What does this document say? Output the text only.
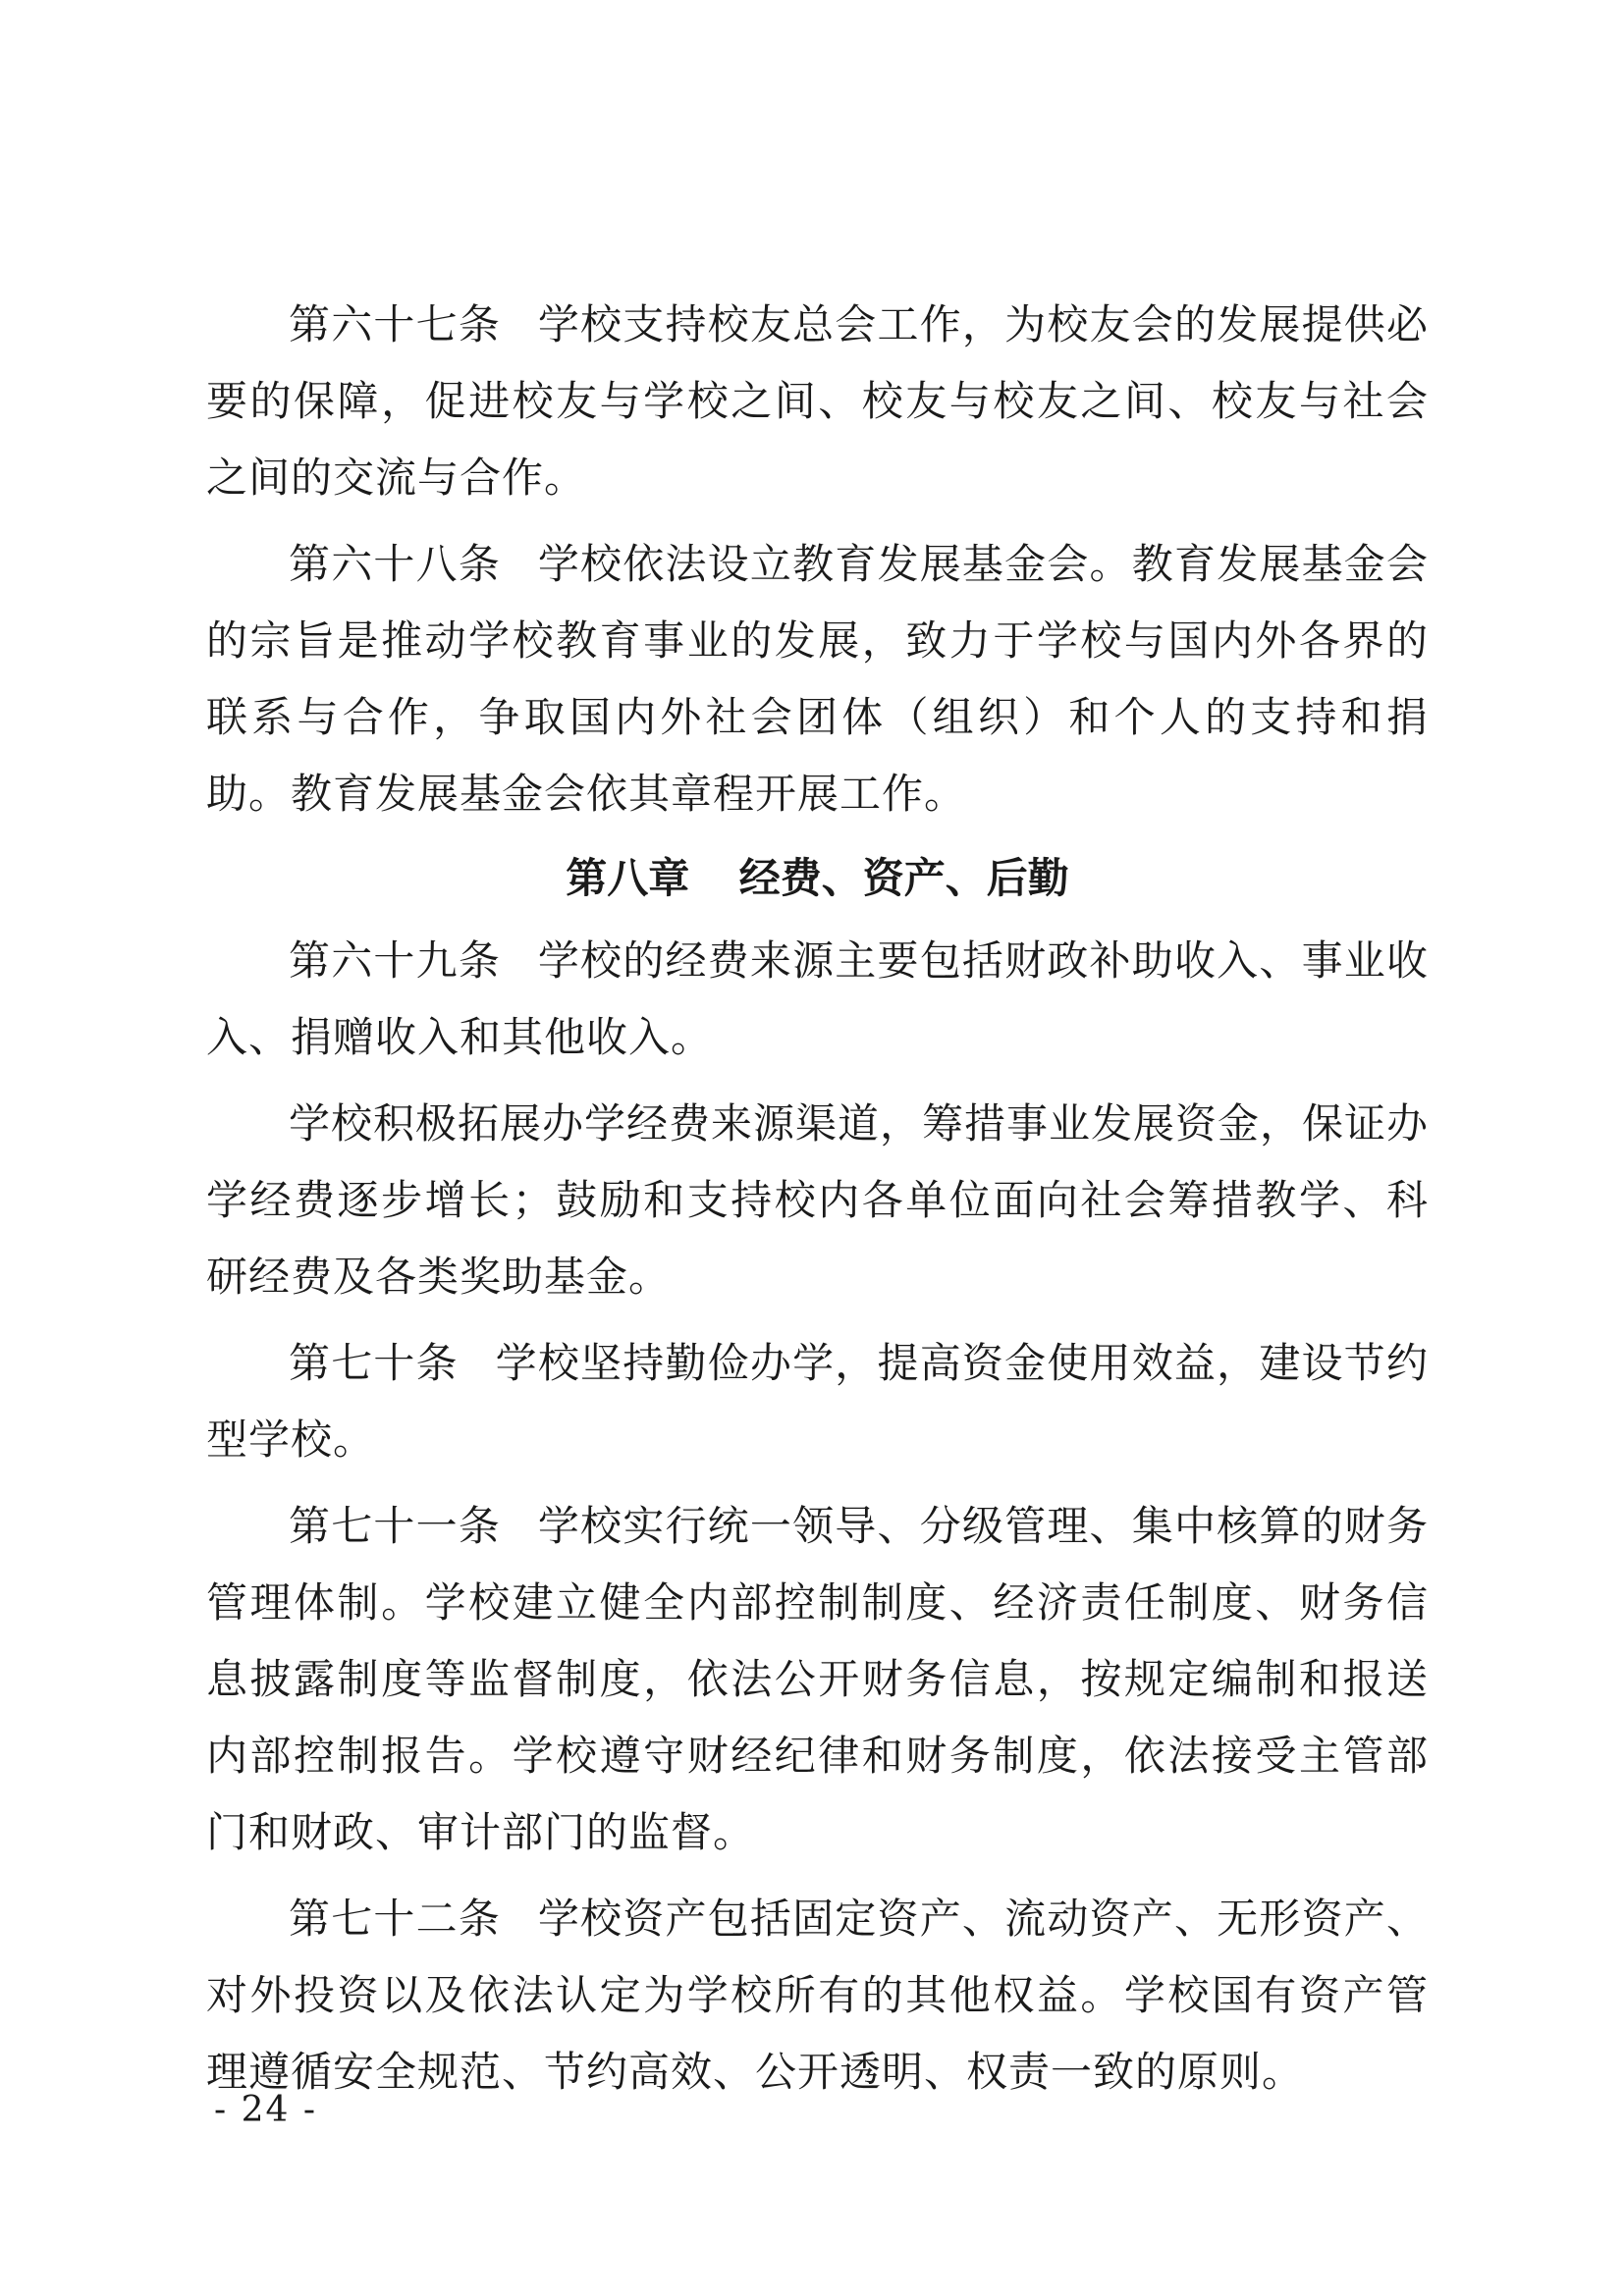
第六十七条 学校支持校友总会工作，为校友会的发展提供必要的保障，促进校友与学校之间、校友与校友之间、校友与社会之间的交流与合作。

第六十八条 学校依法设立教育发展基金会。教育发展基金会的宗旨是推动学校教育事业的发展，致力于学校与国内外各界的联系与合作，争取国内外社会团体（组织）和个人的支持和捐助。教育发展基金会依其章程开展工作。

第八章 经费、资产、后勤

第六十九条 学校的经费来源主要包括财政补助收入、事业收入、捐赠收入和其他收入。

学校积极拓展办学经费来源渠道，筹措事业发展资金，保证办学经费逐步增长；鼓励和支持校内各单位面向社会筹措教学、科研经费及各类奖助基金。

第七十条 学校坚持勤俭办学，提高资金使用效益，建设节约型学校。

第七十一条 学校实行统一领导、分级管理、集中核算的财务管理体制。学校建立健全内部控制制度、经济责任制度、财务信息披露制度等监督制度，依法公开财务信息，按规定编制和报送内部控制报告。学校遵守财经纪律和财务制度，依法接受主管部门和财政、审计部门的监督。

第七十二条 学校资产包括固定资产、流动资产、无形资产、对外投资以及依法认定为学校所有的其他权益。学校国有资产管理遵循安全规范、节约高效、公开透明、权责一致的原则。

- 24 -
